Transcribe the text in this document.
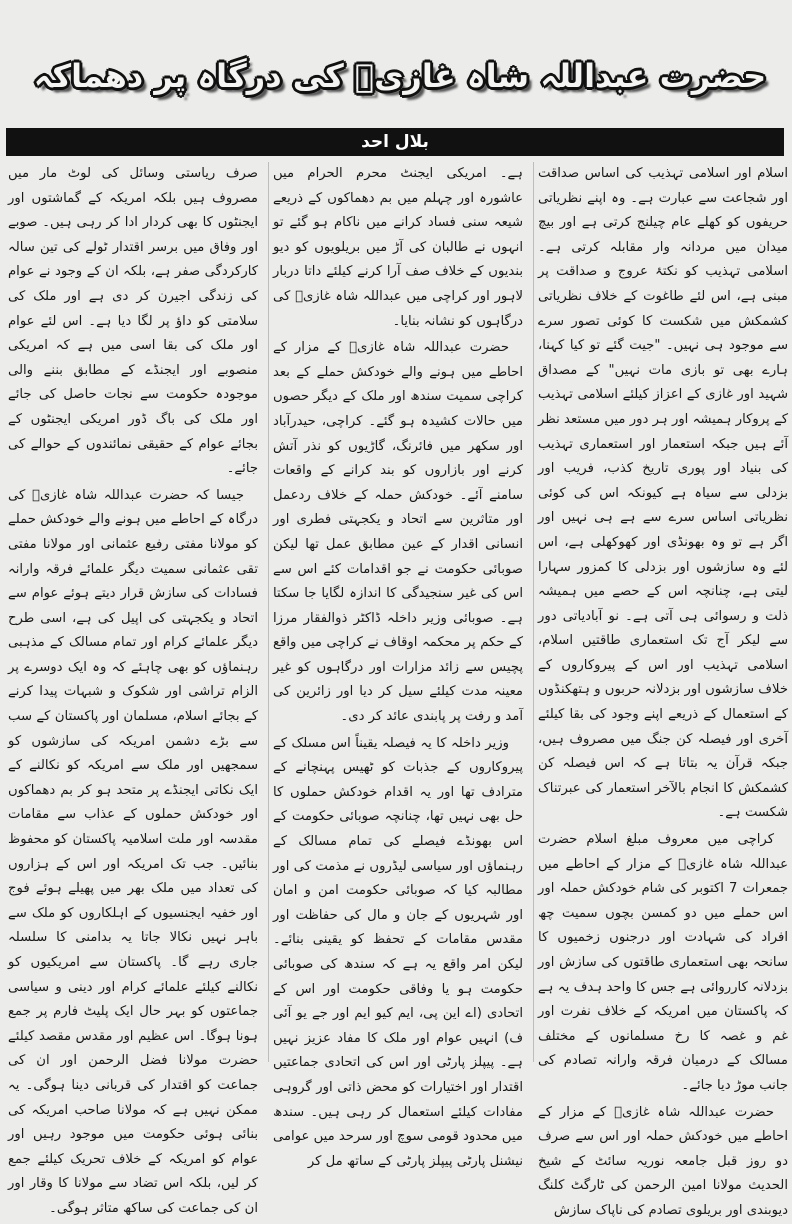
حضرت عبداللہ شاہ غازیؒ کی درگاہ پر دھماکہ
بلال احد

اسلام اور اسلامی تہذیب کی اساس صداقت اور شجاعت سے عبارت ہے۔ وہ اپنے نظریاتی حریفوں کو کھلے عام چیلنج کرتی ہے اور بیچ میدان میں مردانہ وار مقابلہ کرتی ہے۔ اسلامی تہذیب کو نکتۂ عروج و صداقت پر مبنی ہے، اس لئے طاغوت کے خلاف نظریاتی کشمکش میں شکست کا کوئی تصور سرے سے موجود ہی نہیں۔ "جیت گئے تو کیا کہنا، ہارے بھی تو بازی مات نہیں" کے مصداق شہید اور غازی کے اعزاز کیلئے اسلامی تہذیب کے پروکار ہمیشہ اور ہر دور میں مستعد نظر آئے ہیں جبکہ استعمار اور استعماری تہذیب کی بنیاد اور پوری تاریخ کذب، فریب اور بزدلی سے سیاہ ہے کیونکہ اس کی کوئی نظریاتی اساس سرے سے ہے ہی نہیں اور اگر ہے تو وہ بھونڈی اور کھوکھلی ہے، اس لئے وہ سازشوں اور بزدلی کا کمزور سہارا لیتی ہے، چنانچہ اس کے حصے میں ہمیشہ ذلت و رسوائی ہی آتی ہے۔ نو آبادیاتی دور سے لیکر آج تک استعماری طاقتیں اسلام، اسلامی تہذیب اور اس کے پیروکاروں کے خلاف سازشوں اور بزدلانہ حربوں و ہتھکنڈوں کے استعمال کے ذریعے اپنے وجود کی بقا کیلئے آخری اور فیصلہ کن جنگ میں مصروف ہیں، جبکہ قرآن یہ بتاتا ہے کہ اس فیصلہ کن کشمکش کا انجام بالآخر استعمار کی عبرتناک شکست ہے۔

کراچی میں معروف مبلغ اسلام حضرت عبداللہ شاہ غازیؒ کے مزار کے احاطے میں جمعرات 7 اکتوبر کی شام خودکش حملہ اور اس حملے میں دو کمسن بچوں سمیت چھ افراد کی شہادت اور درجنوں زخمیوں کا سانحہ بھی استعماری طاقتوں کی سازش اور بزدلانہ کارروائی ہے جس کا واحد ہدف یہ ہے کہ پاکستان میں امریکہ کے خلاف نفرت اور غم و غصہ کا رخ مسلمانوں کے مختلف مسالک کے درمیان فرقہ وارانہ تصادم کی جانب موڑ دیا جائے۔

حضرت عبداللہ شاہ غازیؒ کے مزار کے احاطے میں خودکش حملہ اور اس سے صرف دو روز قبل جامعہ نوریہ سائٹ کے شیخ الحدیث مولانا امین الرحمن کی ٹارگٹ کلنگ دیوبندی اور بریلوی تصادم کی ناپاک سازش

ہے۔ امریکی ایجنٹ محرم الحرام میں عاشورہ اور چہلم میں بم دھماکوں کے ذریعے شیعہ سنی فساد کرانے میں ناکام ہو گئے تو انہوں نے طالبان کی آڑ میں بریلویوں کو دیو بندیوں کے خلاف صف آرا کرنے کیلئے داتا دربار لاہور اور کراچی میں عبداللہ شاہ غازیؒ کی درگاہوں کو نشانہ بنایا۔

حضرت عبداللہ شاہ غازیؒ کے مزار کے احاطے میں ہونے والے خودکش حملے کے بعد کراچی سمیت سندھ اور ملک کے دیگر حصوں میں حالات کشیدہ ہو گئے۔ کراچی، حیدرآباد اور سکھر میں فائرنگ، گاڑیوں کو نذر آتش کرنے اور بازاروں کو بند کرانے کے واقعات سامنے آئے۔ خودکش حملہ کے خلاف ردعمل اور متاثرین سے اتحاد و یکجہتی فطری اور انسانی اقدار کے عین مطابق عمل تھا لیکن صوبائی حکومت نے جو اقدامات کئے اس سے اس کی غیر سنجیدگی کا اندازہ لگایا جا سکتا ہے۔ صوبائی وزیر داخلہ ڈاکٹر ذوالفقار مرزا کے حکم پر محکمہ اوقاف نے کراچی میں واقع پچیس سے زائد مزارات اور درگاہوں کو غیر معینہ مدت کیلئے سیل کر دیا اور زائرین کی آمد و رفت پر پابندی عائد کر دی۔

وزیر داخلہ کا یہ فیصلہ یقیناً اس مسلک کے پیروکاروں کے جذبات کو ٹھیس پہنچانے کے مترادف تھا اور یہ اقدام خودکش حملوں کا حل بھی نہیں تھا، چنانچہ صوبائی حکومت کے اس بھونڈے فیصلے کی تمام مسالک کے رہنماؤں اور سیاسی لیڈروں نے مذمت کی اور مطالبہ کیا کہ صوبائی حکومت امن و امان اور شہریوں کے جان و مال کی حفاظت اور مقدس مقامات کے تحفظ کو یقینی بنائے۔ لیکن امر واقع یہ ہے کہ سندھ کی صوبائی حکومت ہو یا وفاقی حکومت اور اس کے اتحادی (اے این پی، ایم کیو ایم اور جے یو آئی ف) انہیں عوام اور ملک کا مفاد عزیز نہیں ہے۔ پیپلز پارٹی اور اس کی اتحادی جماعتیں اقتدار اور اختیارات کو محض ذاتی اور گروہی مفادات کیلئے استعمال کر رہی ہیں۔ سندھ میں محدود قومی سوچ اور سرحد میں عوامی نیشنل پارٹی پیپلز پارٹی کے ساتھ مل کر

صرف ریاستی وسائل کی لوٹ مار میں مصروف ہیں بلکہ امریکہ کے گماشتوں اور ایجنٹوں کا بھی کردار ادا کر رہی ہیں۔ صوبے اور وفاق میں برسر اقتدار ٹولے کی تین سالہ کارکردگی صفر ہے، بلکہ ان کے وجود نے عوام کی زندگی اجیرن کر دی ہے اور ملک کی سلامتی کو داؤ پر لگا دیا ہے۔ اس لئے عوام اور ملک کی بقا اسی میں ہے کہ امریکی منصوبے اور ایجنڈے کے مطابق بننے والی موجودہ حکومت سے نجات حاصل کی جائے اور ملک کی باگ ڈور امریکی ایجنٹوں کے بجائے عوام کے حقیقی نمائندوں کے حوالے کی جائے۔

جیسا کہ حضرت عبداللہ شاہ غازیؒ کی درگاہ کے احاطے میں ہونے والے خودکش حملے کو مولانا مفتی رفیع عثمانی اور مولانا مفتی تقی عثمانی سمیت دیگر علمائے فرقہ وارانہ فسادات کی سازش قرار دیتے ہوئے عوام سے اتحاد و یکجہتی کی اپیل کی ہے، اسی طرح دیگر علمائے کرام اور تمام مسالک کے مذہبی رہنماؤں کو بھی چاہئے کہ وہ ایک دوسرے پر الزام تراشی اور شکوک و شبہات پیدا کرنے کے بجائے اسلام، مسلمان اور پاکستان کے سب سے بڑے دشمن امریکہ کی سازشوں کو سمجھیں اور ملک سے امریکہ کو نکالنے کے ایک نکاتی ایجنڈے پر متحد ہو کر بم دھماکوں اور خودکش حملوں کے عذاب سے مقامات مقدسہ اور ملت اسلامیہ پاکستان کو محفوظ بنائیں۔ جب تک امریکہ اور اس کے ہزاروں کی تعداد میں ملک بھر میں پھیلے ہوئے فوج اور خفیہ ایجنسیوں کے اہلکاروں کو ملک سے باہر نہیں نکالا جاتا یہ بدامنی کا سلسلہ جاری رہے گا۔ پاکستان سے امریکیوں کو نکالنے کیلئے علمائے کرام اور دینی و سیاسی جماعتوں کو بہر حال ایک پلیٹ فارم پر جمع ہونا ہوگا۔ اس عظیم اور مقدس مقصد کیلئے حضرت مولانا فضل الرحمن اور ان کی جماعت کو اقتدار کی قربانی دینا ہوگی۔ یہ ممکن نہیں ہے کہ مولانا صاحب امریکہ کی بنائی ہوئی حکومت میں موجود رہیں اور عوام کو امریکہ کے خلاف تحریک کیلئے جمع کر لیں، بلکہ اس تضاد سے مولانا کا وقار اور ان کی جماعت کی ساکھ متاثر ہوگی۔
